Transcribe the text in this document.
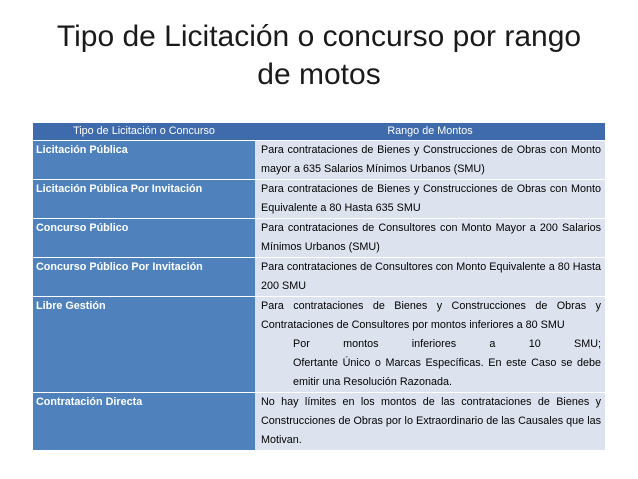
Tipo de Licitación o concurso por rango de motos
Tipo de Licitación o Concurso	Rango de Montos
Licitación Pública	Para contrataciones de Bienes y Construcciones de Obras con Monto mayor a 635 Salarios Mínimos Urbanos (SMU)
Licitación Pública Por Invitación	Para contrataciones de Bienes y Construcciones de Obras con Monto Equivalente a 80 Hasta 635 SMU
Concurso Público	Para contrataciones de Consultores con Monto Mayor a 200 Salarios Mínimos Urbanos (SMU)
Concurso Público Por Invitación	Para contrataciones de Consultores con Monto Equivalente a 80 Hasta 200 SMU
Libre Gestión	Para contrataciones de Bienes y Construcciones de Obras y Contrataciones de Consultores por montos inferiores a 80 SMU
Por montos inferiores a 10 SMU;
Ofertante Único o Marcas Específicas. En este Caso se debe emitir una Resolución Razonada.

Contratación Directa	No hay límites en los montos de las contrataciones de Bienes y Construcciones de Obras por lo Extraordinario de las Causales que las Motivan.
